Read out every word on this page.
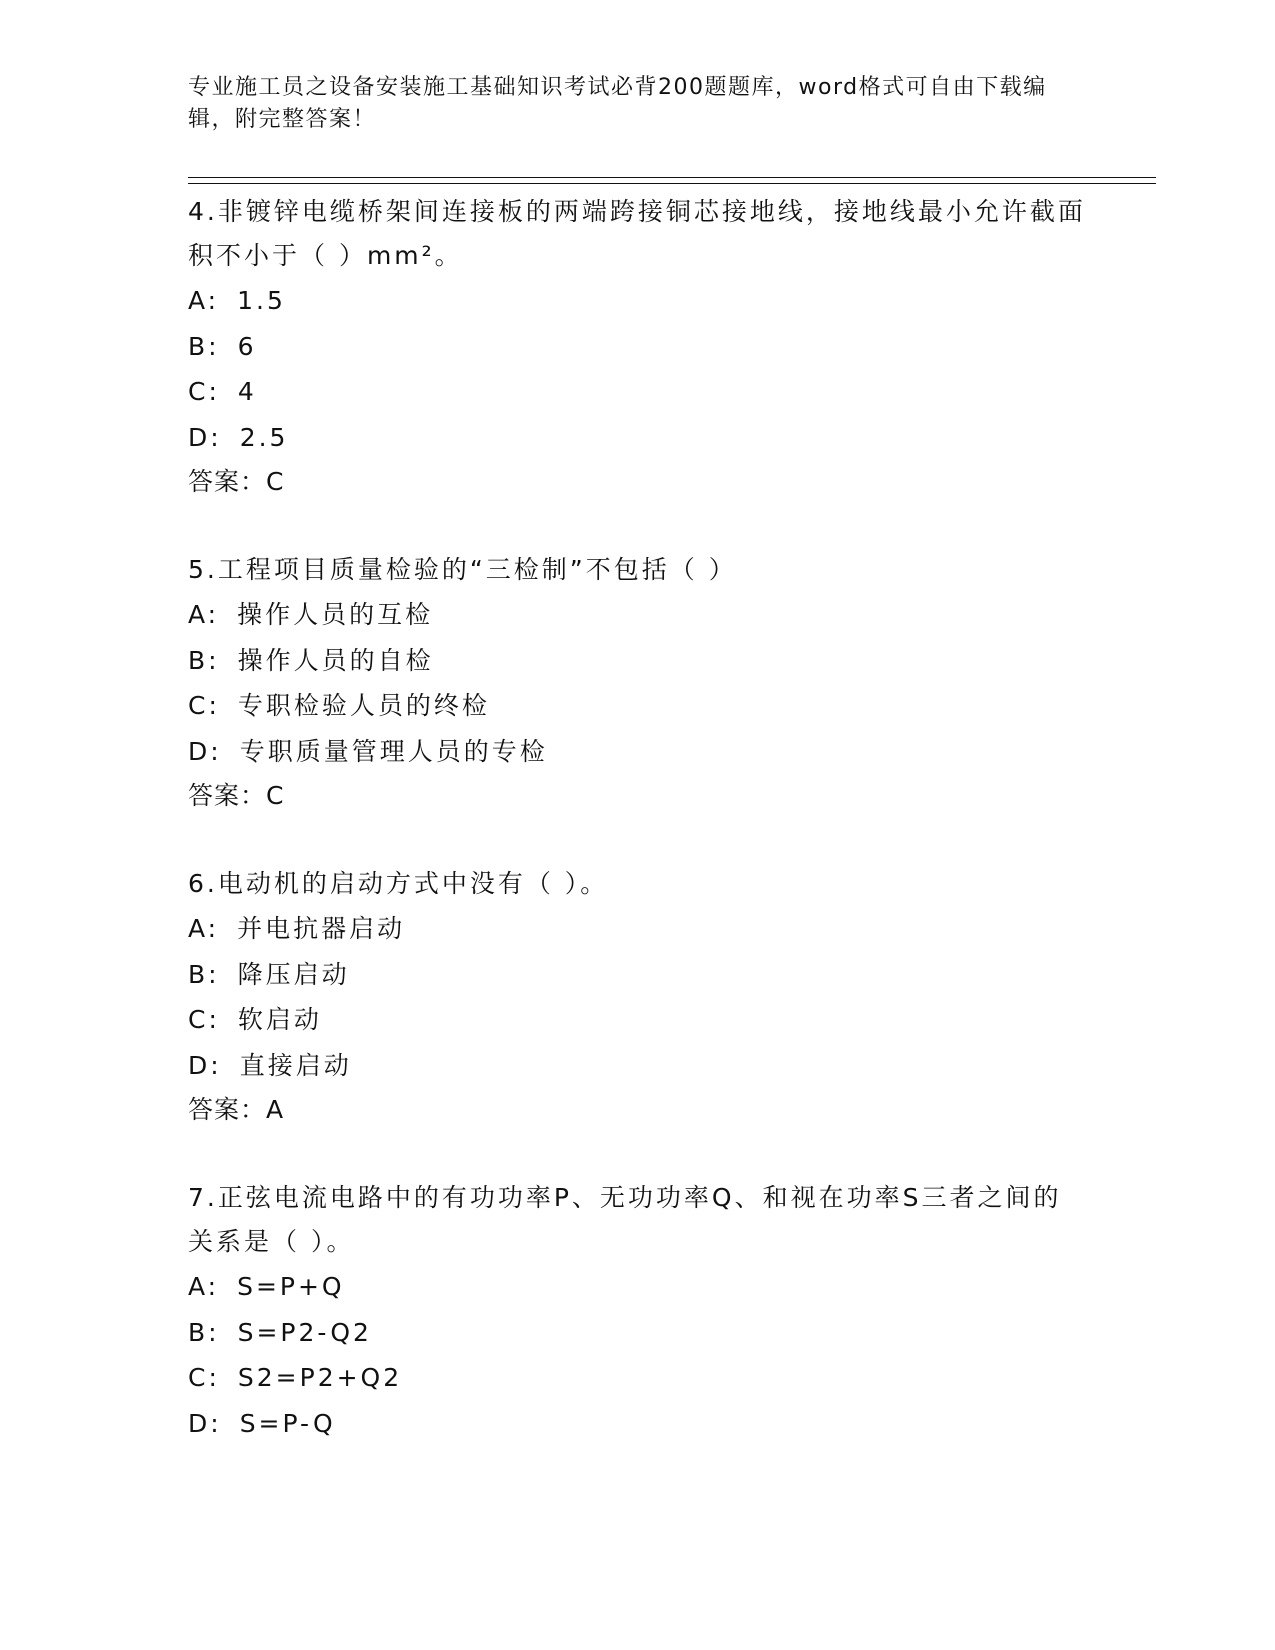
专业施工员之设备安装施工基础知识考试必背200题题库，word格式可自由下载编辑，附完整答案！

4.非镀锌电缆桥架间连接板的两端跨接铜芯接地线，接地线最小允许截面积不小于（ ）mm²。

A: 1.5

B: 6

C: 4

D: 2.5

答案：C

5.工程项目质量检验的“三检制”不包括（ ）

A: 操作人员的互检

B: 操作人员的自检

C: 专职检验人员的终检

D: 专职质量管理人员的专检

答案：C

6.电动机的启动方式中没有（ ）。

A: 并电抗器启动

B: 降压启动

C: 软启动

D: 直接启动

答案：A

7.正弦电流电路中的有功功率P、无功功率Q、和视在功率S三者之间的关系是（ ）。

A: S=P+Q

B: S=P2-Q2

C: S2=P2+Q2

D: S=P-Q
